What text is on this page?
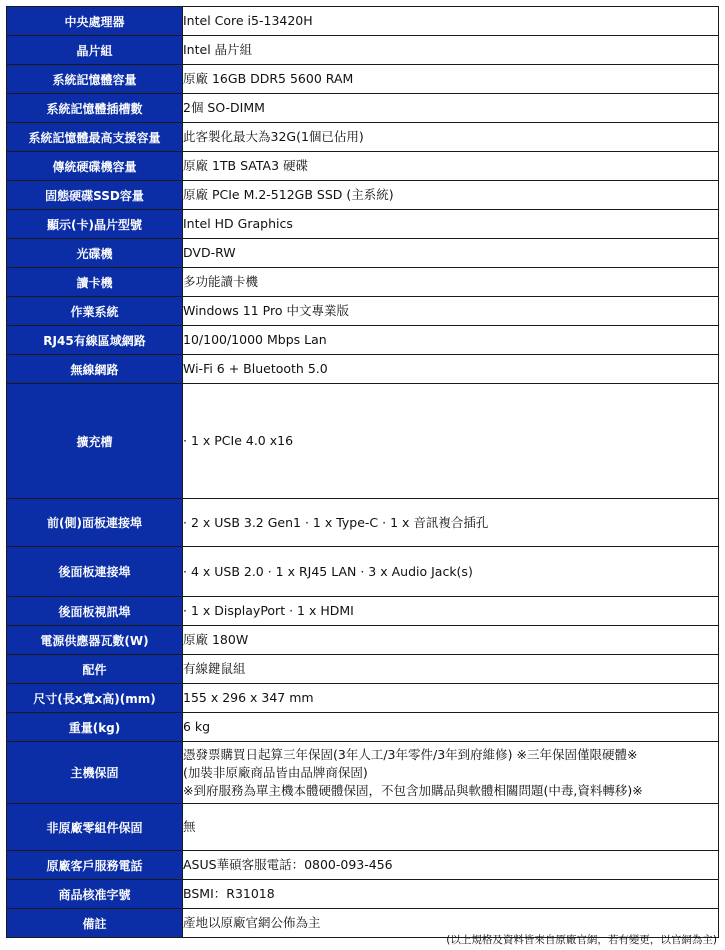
中央處理器	Intel Core i5-13420H

晶片組	Intel 晶片組

系統記憶體容量	原廠 16GB DDR5 5600 RAM

系統記憶體插槽數	2個 SO-DIMM

系統記憶體最高支援容量	此客製化最大為32G(1個已佔用)

傳統硬碟機容量	原廠 1TB SATA3 硬碟

固態硬碟SSD容量	原廠 PCIe M.2-512GB SSD (主系統)

顯示(卡)晶片型號	Intel HD Graphics

光碟機	DVD-RW

讀卡機	多功能讀卡機

作業系統	Windows 11 Pro 中文專業版

RJ45有線區域網路	10/100/1000 Mbps Lan

無線網路	Wi-Fi 6 + Bluetooth 5.0

擴充槽	· 1 x PCIe 4.0 x16

前(側)面板連接埠	· 2 x USB 3.2 Gen1 · 1 x Type-C · 1 x 音訊複合插孔

後面板連接埠	· 4 x USB 2.0 · 1 x RJ45 LAN · 3 x Audio Jack(s)

後面板視訊埠	· 1 x DisplayPort · 1 x HDMI

電源供應器瓦數(W)	原廠 180W

配件	有線鍵鼠組

尺寸(長x寬x高)(mm)	155 x 296 x 347 mm

重量(kg)	6 kg

主機保固	憑發票購買日起算三年保固(3年人工/3年零件/3年到府維修) ※三年保固僅限硬體※
(加裝非原廠商品皆由品牌商保固)
※到府服務為單主機本體硬體保固，不包含加購品與軟體相關問題(中毒,資料轉移)※

非原廠零組件保固	無

原廠客戶服務電話	ASUS華碩客服電話：0800-093-456

商品核准字號	BSMI：R31018

備註	產地以原廠官網公佈為主
(以上規格及資料皆來自原廠官網，若有變更，以官網為主)
